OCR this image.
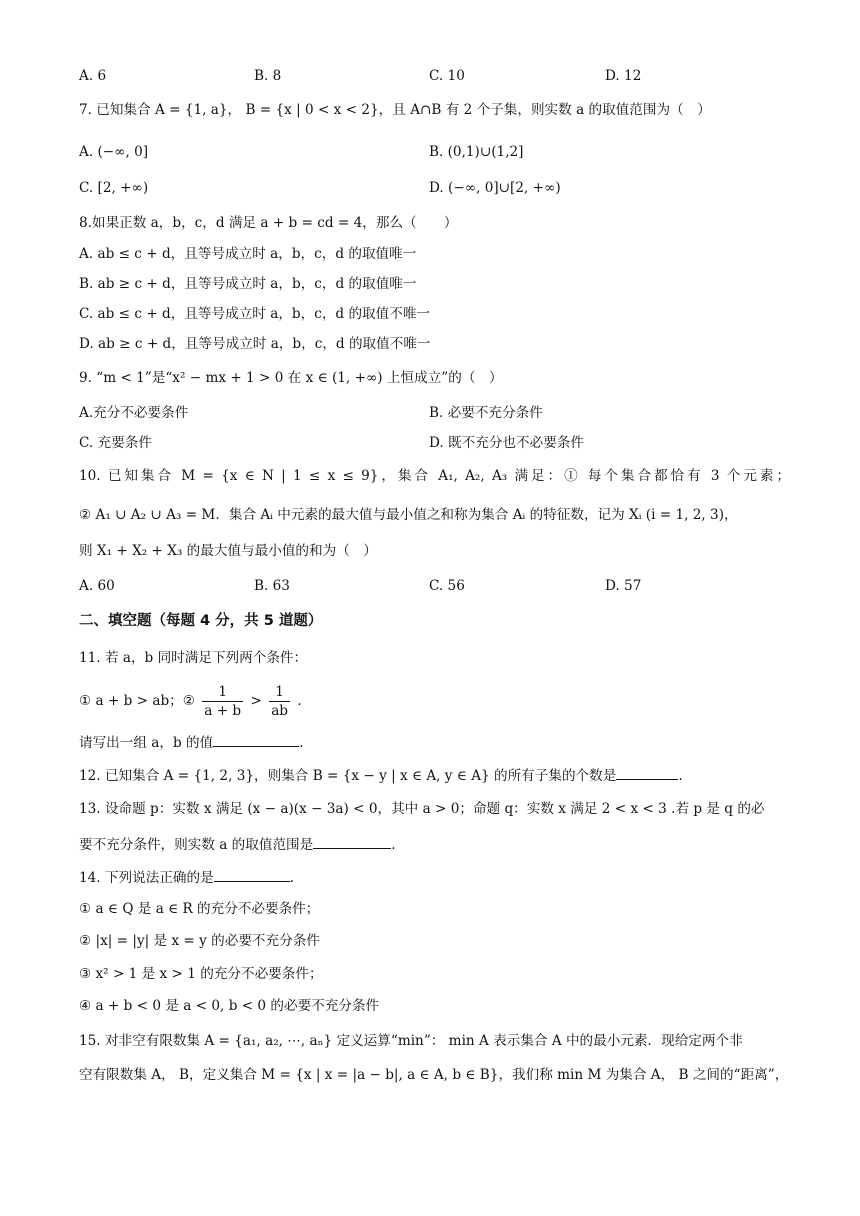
A. 6	B. 8	C. 10	D. 12
7. 已知集合 A = {1, a}， B = {x | 0 < x < 2}，且 A∩B 有 2 个子集，则实数 a 的取值范围为（　）
A. (−∞, 0]	B. (0,1)∪(1,2]
C. [2, +∞)	D. (−∞, 0]∪[2, +∞)
8.如果正数 a，b，c，d 满足 a + b = cd = 4，那么（　　）
A. ab ≤ c + d，且等号成立时 a，b，c，d 的取值唯一
B. ab ≥ c + d，且等号成立时 a，b，c，d 的取值唯一
C. ab ≤ c + d，且等号成立时 a，b，c，d 的取值不唯一
D. ab ≥ c + d，且等号成立时 a，b，c，d 的取值不唯一
9. “m < 1”是“x² − mx + 1 > 0 在 x ∈ (1, +∞) 上恒成立”的（　）
A.充分不必要条件	B. 必要不充分条件
C. 充要条件	D. 既不充分也不必要条件
10. 已知集合 M = {x ∈ N | 1 ≤ x ≤ 9}，集合 A₁, A₂, A₃ 满足：① 每个集合都恰有 3 个元素；
② A₁ ∪ A₂ ∪ A₃ = M．集合 Aᵢ 中元素的最大值与最小值之和称为集合 Aᵢ 的特征数，记为 Xᵢ (i = 1, 2, 3)，
则 X₁ + X₂ + X₃ 的最大值与最小值的和为（　）
A. 60	B. 63	C. 56	D. 57
二、填空题（每题 4 分，共 5 道题）
11. 若 a，b 同时满足下列两个条件：
① a + b > ab；② $\frac{1}{a + b} > \frac{1}{ab}$ .
请写出一组 a，b 的值	.
12. 已知集合 A = {1, 2, 3}，则集合 B = {x − y | x ∈ A, y ∈ A} 的所有子集的个数是	.
13. 设命题 p：实数 x 满足 (x − a)(x − 3a) < 0，其中 a > 0；命题 q：实数 x 满足 2 < x < 3 .若 p 是 q 的必
要不充分条件，则实数 a 的取值范围是	.
14. 下列说法正确的是	.
① a ∈ Q 是 a ∈ R 的充分不必要条件；
② |x| = |y| 是 x = y 的必要不充分条件
③ x² > 1 是 x > 1 的充分不必要条件；
④ a + b < 0 是 a < 0, b < 0 的必要不充分条件
15. 对非空有限数集 A = {a₁, a₂, ⋯, aₙ} 定义运算“min”： min A 表示集合 A 中的最小元素．现给定两个非
空有限数集 A， B，定义集合 M = {x | x = |a − b|, a ∈ A, b ∈ B}，我们称 min M 为集合 A， B 之间的“距离”，
